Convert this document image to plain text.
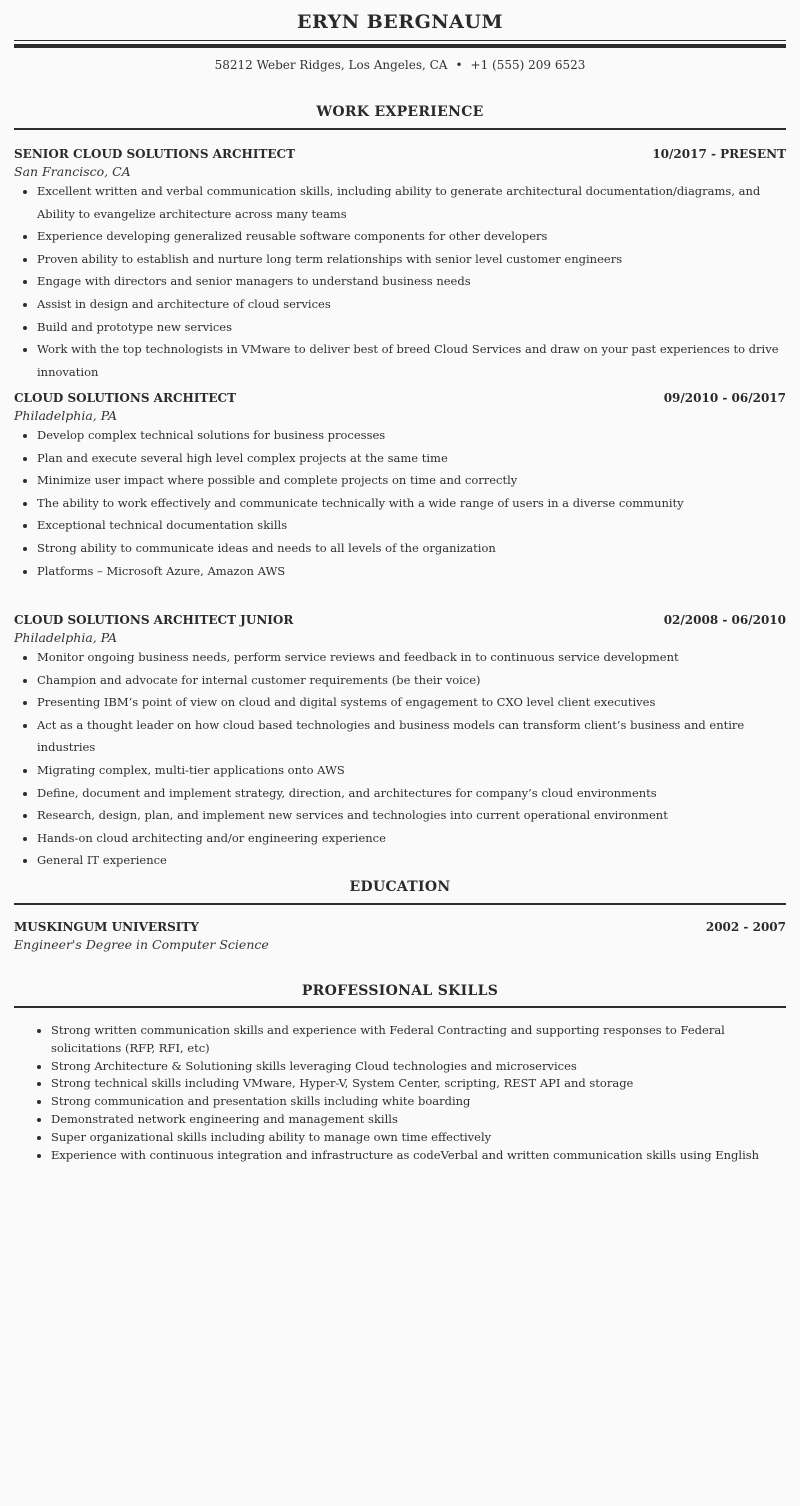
ERYN BERGNAUM
58212 Weber Ridges, Los Angeles, CA • +1 (555) 209 6523
WORK EXPERIENCE
SENIOR CLOUD SOLUTIONS ARCHITECT	10/2017 - PRESENT
San Francisco, CA
• Excellent written and verbal communication skills, including ability to generate architectural documentation/diagrams, and Ability to evangelize architecture across many teams
• Experience developing generalized reusable software components for other developers
• Proven ability to establish and nurture long term relationships with senior level customer engineers
• Engage with directors and senior managers to understand business needs
• Assist in design and architecture of cloud services
• Build and prototype new services
• Work with the top technologists in VMware to deliver best of breed Cloud Services and draw on your past experiences to drive innovation
CLOUD SOLUTIONS ARCHITECT	09/2010 - 06/2017
Philadelphia, PA
• Develop complex technical solutions for business processes
• Plan and execute several high level complex projects at the same time
• Minimize user impact where possible and complete projects on time and correctly
• The ability to work effectively and communicate technically with a wide range of users in a diverse community
• Exceptional technical documentation skills
• Strong ability to communicate ideas and needs to all levels of the organization
• Platforms – Microsoft Azure, Amazon AWS
CLOUD SOLUTIONS ARCHITECT JUNIOR	02/2008 - 06/2010
Philadelphia, PA
• Monitor ongoing business needs, perform service reviews and feedback in to continuous service development
• Champion and advocate for internal customer requirements (be their voice)
• Presenting IBM’s point of view on cloud and digital systems of engagement to CXO level client executives
• Act as a thought leader on how cloud based technologies and business models can transform client’s business and entire industries
• Migrating complex, multi-tier applications onto AWS
• Define, document and implement strategy, direction, and architectures for company’s cloud environments
• Research, design, plan, and implement new services and technologies into current operational environment
• Hands-on cloud architecting and/or engineering experience
• General IT experience
EDUCATION
MUSKINGUM UNIVERSITY	2002 - 2007
Engineer's Degree in Computer Science
PROFESSIONAL SKILLS
• Strong written communication skills and experience with Federal Contracting and supporting responses to Federal solicitations (RFP, RFI, etc)
• Strong Architecture & Solutioning skills leveraging Cloud technologies and microservices
• Strong technical skills including VMware, Hyper-V, System Center, scripting, REST API and storage
• Strong communication and presentation skills including white boarding
• Demonstrated network engineering and management skills
• Super organizational skills including ability to manage own time effectively
• Experience with continuous integration and infrastructure as codeVerbal and written communication skills using English
